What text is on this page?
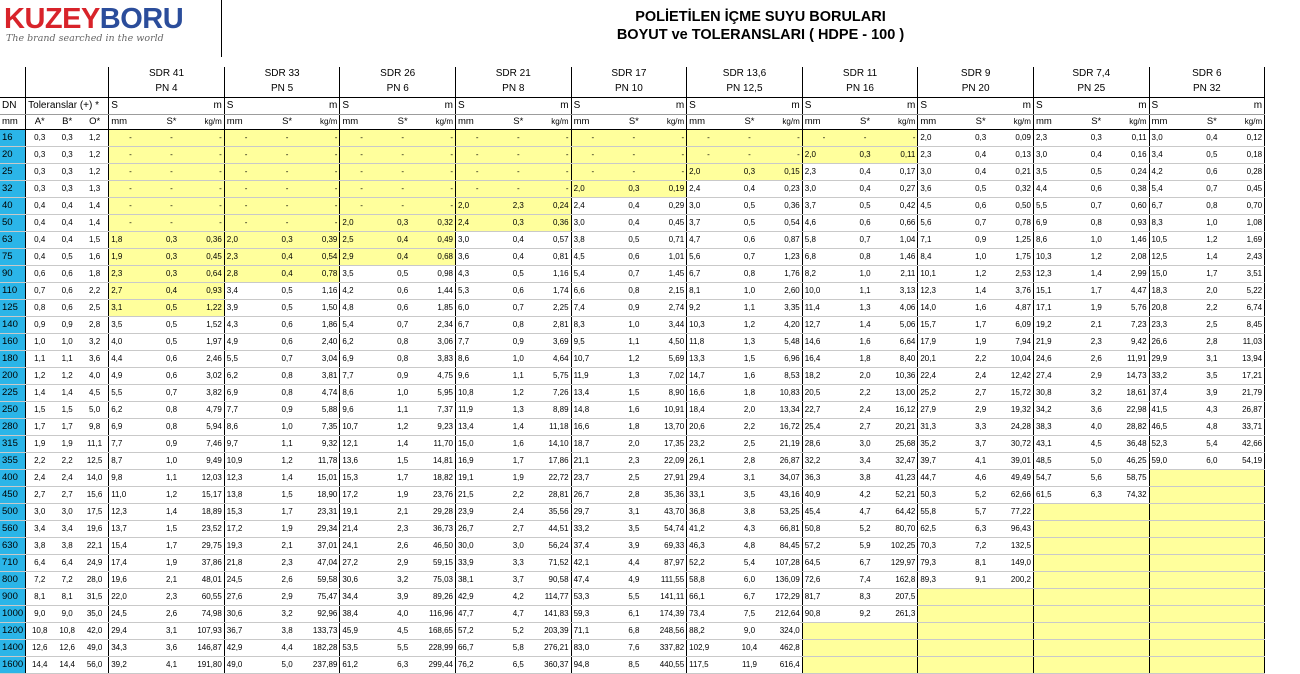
KUZEYBORU
The brand searched in the world
POLİETİLEN İÇME SUYU BORULARI
BOYUT ve TOLERANSLARI ( HDPE - 100 )
				SDR 41			SDR 33			SDR 26			SDR 21			SDR 17			SDR 13,6			SDR 11			SDR 9			SDR 7,4			SDR 6		
				PN 4			PN 5			PN 6			PN 8			PN 10			PN 12,5			PN 16			PN 20			PN 25			PN 32		
DN	Toleranslar (+) *			S		m	S		m	S		m	S		m	S		m	S		m	S		m	S		m	S		m	S		m
mm	A*	B*	O*	mm	S*	kg/m	mm	S*	kg/m	mm	S*	kg/m	mm	S*	kg/m	mm	S*	kg/m	mm	S*	kg/m	mm	S*	kg/m	mm	S*	kg/m	mm	S*	kg/m	mm	S*	kg/m
16	0,3	0,3	1,2	-	-	-	-	-	-	-	-	-	-	-	-	-	-	-	-	-	-	-	-	-	2,0	0,3	0,09	2,3	0,3	0,11	3,0	0,4	0,12
20	0,3	0,3	1,2	-	-	-	-	-	-	-	-	-	-	-	-	-	-	-	-	-	-	2,0	0,3	0,11	2,3	0,4	0,13	3,0	0,4	0,16	3,4	0,5	0,18
25	0,3	0,3	1,2	-	-	-	-	-	-	-	-	-	-	-	-	-	-	-	2,0	0,3	0,15	2,3	0,4	0,17	3,0	0,4	0,21	3,5	0,5	0,24	4,2	0,6	0,28
32	0,3	0,3	1,3	-	-	-	-	-	-	-	-	-	-	-	-	2,0	0,3	0,19	2,4	0,4	0,23	3,0	0,4	0,27	3,6	0,5	0,32	4,4	0,6	0,38	5,4	0,7	0,45
40	0,4	0,4	1,4	-	-	-	-	-	-	-	-	-	2,0	2,3	0,24	2,4	0,4	0,29	3,0	0,5	0,36	3,7	0,5	0,42	4,5	0,6	0,50	5,5	0,7	0,60	6,7	0,8	0,70
50	0,4	0,4	1,4	-	-	-	-	-	-	2,0	0,3	0,32	2,4	0,3	0,36	3,0	0,4	0,45	3,7	0,5	0,54	4,6	0,6	0,66	5,6	0,7	0,78	6,9	0,8	0,93	8,3	1,0	1,08
63	0,4	0,4	1,5	1,8	0,3	0,36	2,0	0,3	0,39	2,5	0,4	0,49	3,0	0,4	0,57	3,8	0,5	0,71	4,7	0,6	0,87	5,8	0,7	1,04	7,1	0,9	1,25	8,6	1,0	1,46	10,5	1,2	1,69
75	0,4	0,5	1,6	1,9	0,3	0,45	2,3	0,4	0,54	2,9	0,4	0,68	3,6	0,4	0,81	4,5	0,6	1,01	5,6	0,7	1,23	6,8	0,8	1,46	8,4	1,0	1,75	10,3	1,2	2,08	12,5	1,4	2,43
90	0,6	0,6	1,8	2,3	0,3	0,64	2,8	0,4	0,78	3,5	0,5	0,98	4,3	0,5	1,16	5,4	0,7	1,45	6,7	0,8	1,76	8,2	1,0	2,11	10,1	1,2	2,53	12,3	1,4	2,99	15,0	1,7	3,51
110	0,7	0,6	2,2	2,7	0,4	0,93	3,4	0,5	1,16	4,2	0,6	1,44	5,3	0,6	1,74	6,6	0,8	2,15	8,1	1,0	2,60	10,0	1,1	3,13	12,3	1,4	3,76	15,1	1,7	4,47	18,3	2,0	5,22
125	0,8	0,6	2,5	3,1	0,5	1,22	3,9	0,5	1,50	4,8	0,6	1,85	6,0	0,7	2,25	7,4	0,9	2,74	9,2	1,1	3,35	11,4	1,3	4,06	14,0	1,6	4,87	17,1	1,9	5,76	20,8	2,2	6,74
140	0,9	0,9	2,8	3,5	0,5	1,52	4,3	0,6	1,86	5,4	0,7	2,34	6,7	0,8	2,81	8,3	1,0	3,44	10,3	1,2	4,20	12,7	1,4	5,06	15,7	1,7	6,09	19,2	2,1	7,23	23,3	2,5	8,45
160	1,0	1,0	3,2	4,0	0,5	1,97	4,9	0,6	2,40	6,2	0,8	3,06	7,7	0,9	3,69	9,5	1,1	4,50	11,8	1,3	5,48	14,6	1,6	6,64	17,9	1,9	7,94	21,9	2,3	9,42	26,6	2,8	11,03
180	1,1	1,1	3,6	4,4	0,6	2,46	5,5	0,7	3,04	6,9	0,8	3,83	8,6	1,0	4,64	10,7	1,2	5,69	13,3	1,5	6,96	16,4	1,8	8,40	20,1	2,2	10,04	24,6	2,6	11,91	29,9	3,1	13,94
200	1,2	1,2	4,0	4,9	0,6	3,02	6,2	0,8	3,81	7,7	0,9	4,75	9,6	1,1	5,75	11,9	1,3	7,02	14,7	1,6	8,53	18,2	2,0	10,36	22,4	2,4	12,42	27,4	2,9	14,73	33,2	3,5	17,21
225	1,4	1,4	4,5	5,5	0,7	3,82	6,9	0,8	4,74	8,6	1,0	5,95	10,8	1,2	7,26	13,4	1,5	8,90	16,6	1,8	10,83	20,5	2,2	13,00	25,2	2,7	15,72	30,8	3,2	18,61	37,4	3,9	21,79
250	1,5	1,5	5,0	6,2	0,8	4,79	7,7	0,9	5,88	9,6	1,1	7,37	11,9	1,3	8,89	14,8	1,6	10,91	18,4	2,0	13,34	22,7	2,4	16,12	27,9	2,9	19,32	34,2	3,6	22,98	41,5	4,3	26,87
280	1,7	1,7	9,8	6,9	0,8	5,94	8,6	1,0	7,35	10,7	1,2	9,23	13,4	1,4	11,18	16,6	1,8	13,70	20,6	2,2	16,72	25,4	2,7	20,21	31,3	3,3	24,28	38,3	4,0	28,82	46,5	4,8	33,71
315	1,9	1,9	11,1	7,7	0,9	7,46	9,7	1,1	9,32	12,1	1,4	11,70	15,0	1,6	14,10	18,7	2,0	17,35	23,2	2,5	21,19	28,6	3,0	25,68	35,2	3,7	30,72	43,1	4,5	36,48	52,3	5,4	42,66
355	2,2	2,2	12,5	8,7	1,0	9,49	10,9	1,2	11,78	13,6	1,5	14,81	16,9	1,7	17,86	21,1	2,3	22,09	26,1	2,8	26,87	32,2	3,4	32,47	39,7	4,1	39,01	48,5	5,0	46,25	59,0	6,0	54,19
400	2,4	2,4	14,0	9,8	1,1	12,03	12,3	1,4	15,01	15,3	1,7	18,82	19,1	1,9	22,72	23,7	2,5	27,91	29,4	3,1	34,07	36,3	3,8	41,23	44,7	4,6	49,49	54,7	5,6	58,75			
450	2,7	2,7	15,6	11,0	1,2	15,17	13,8	1,5	18,90	17,2	1,9	23,76	21,5	2,2	28,81	26,7	2,8	35,36	33,1	3,5	43,16	40,9	4,2	52,21	50,3	5,2	62,66	61,5	6,3	74,32			
500	3,0	3,0	17,5	12,3	1,4	18,89	15,3	1,7	23,31	19,1	2,1	29,28	23,9	2,4	35,56	29,7	3,1	43,70	36,8	3,8	53,25	45,4	4,7	64,42	55,8	5,7	77,22						
560	3,4	3,4	19,6	13,7	1,5	23,52	17,2	1,9	29,34	21,4	2,3	36,73	26,7	2,7	44,51	33,2	3,5	54,74	41,2	4,3	66,81	50,8	5,2	80,70	62,5	6,3	96,43						
630	3,8	3,8	22,1	15,4	1,7	29,75	19,3	2,1	37,01	24,1	2,6	46,50	30,0	3,0	56,24	37,4	3,9	69,33	46,3	4,8	84,45	57,2	5,9	102,25	70,3	7,2	132,5						
710	6,4	6,4	24,9	17,4	1,9	37,86	21,8	2,3	47,04	27,2	2,9	59,15	33,9	3,3	71,52	42,1	4,4	87,97	52,2	5,4	107,28	64,5	6,7	129,97	79,3	8,1	149,0						
800	7,2	7,2	28,0	19,6	2,1	48,01	24,5	2,6	59,58	30,6	3,2	75,03	38,1	3,7	90,58	47,4	4,9	111,55	58,8	6,0	136,09	72,6	7,4	162,8	89,3	9,1	200,2						
900	8,1	8,1	31,5	22,0	2,3	60,55	27,6	2,9	75,47	34,4	3,9	89,26	42,9	4,2	114,77	53,3	5,5	141,11	66,1	6,7	172,29	81,7	8,3	207,5									
1000	9,0	9,0	35,0	24,5	2,6	74,98	30,6	3,2	92,96	38,4	4,0	116,96	47,7	4,7	141,83	59,3	6,1	174,39	73,4	7,5	212,64	90,8	9,2	261,3									
1200	10,8	10,8	42,0	29,4	3,1	107,93	36,7	3,8	133,73	45,9	4,5	168,65	57,2	5,2	203,39	71,1	6,8	248,56	88,2	9,0	324,0												
1400	12,6	12,6	49,0	34,3	3,6	146,87	42,9	4,4	182,28	53,5	5,5	228,99	66,7	5,8	276,21	83,0	7,6	337,82	102,9	10,4	462,8												
1600	14,4	14,4	56,0	39,2	4,1	191,80	49,0	5,0	237,89	61,2	6,3	299,44	76,2	6,5	360,37	94,8	8,5	440,55	117,5	11,9	616,4												
